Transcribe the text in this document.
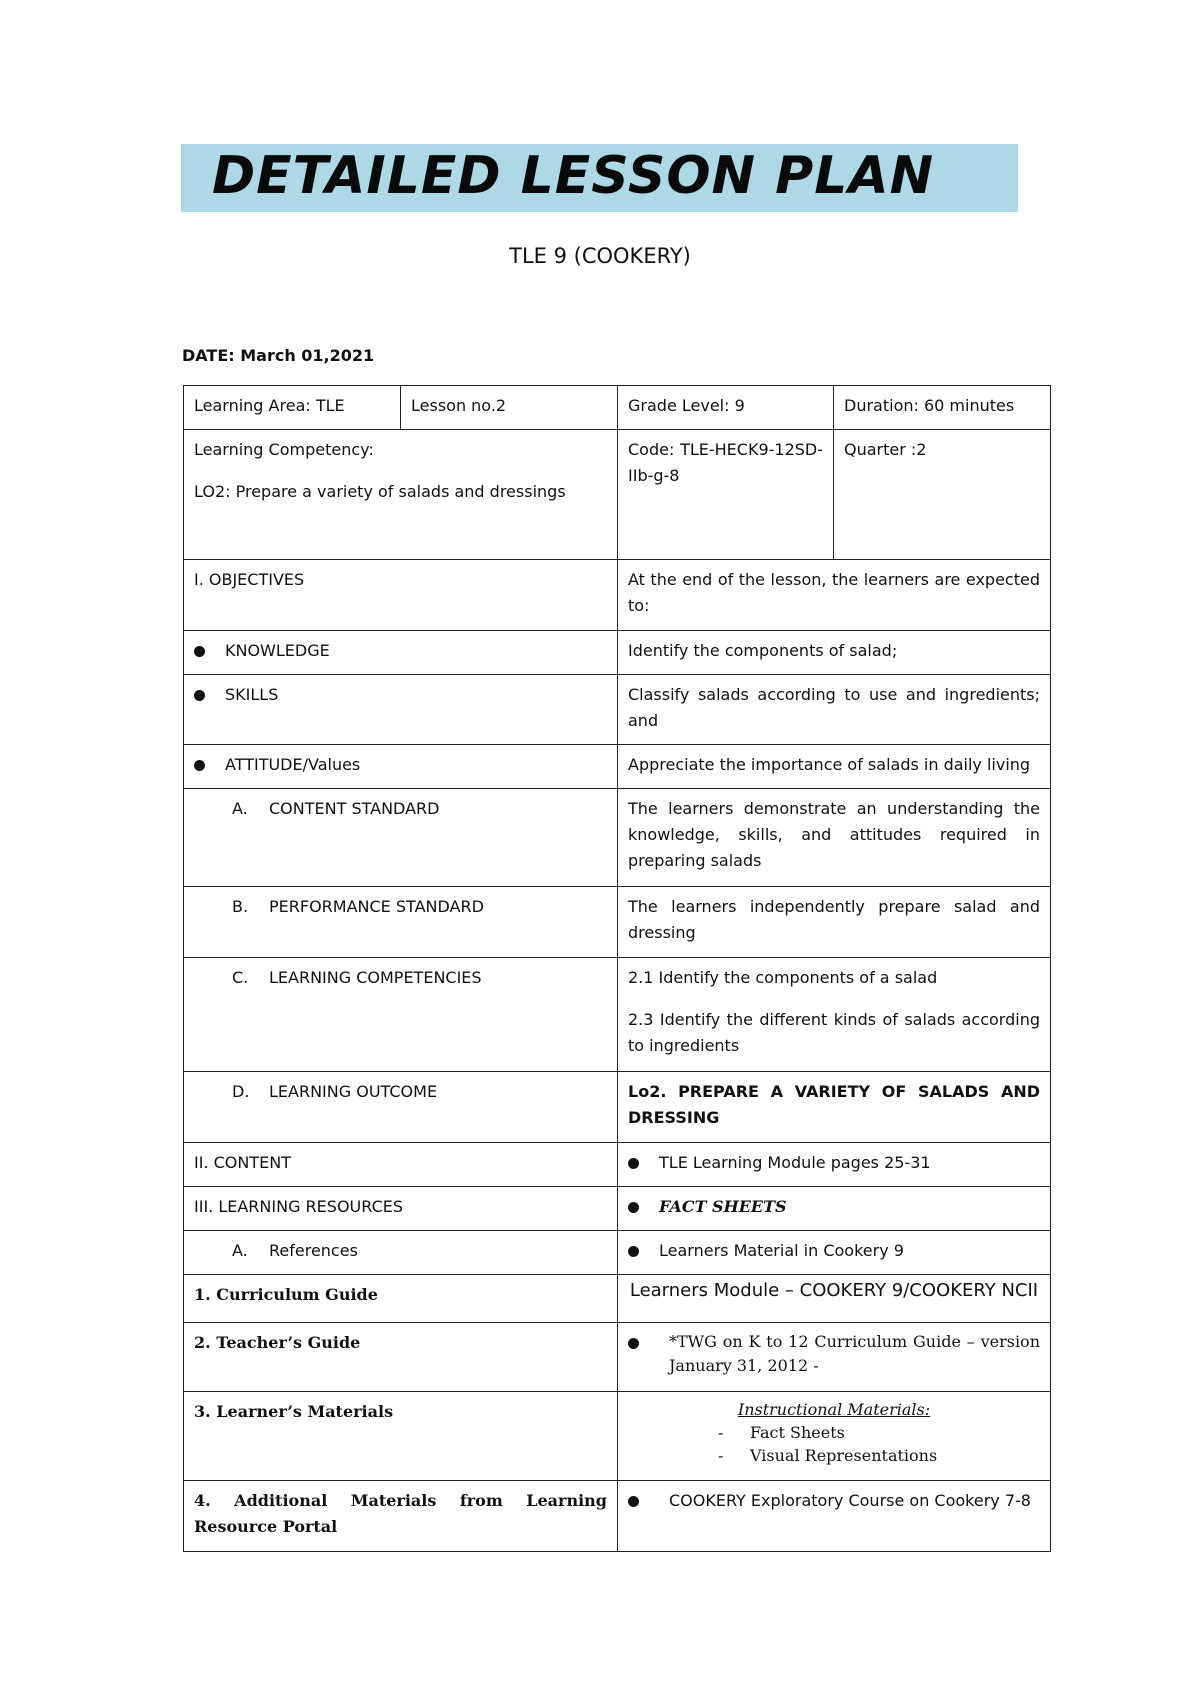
DETAILED LESSON PLAN
TLE 9 (COOKERY)
DATE: March 01,2021
Learning Area: TLE	Lesson no.2	Grade Level: 9	Duration: 60 minutes

Learning Competency:
LO2: Prepare a variety of salads and dressings		Code: TLE-HECK9-12SD-IIb-g-8	Quarter :2
I. OBJECTIVES		At the end of the lesson, the learners are expected to:	
KNOWLEDGE		Identify the components of salad;	
SKILLS		Classify salads according to use and ingredients; and	
ATTITUDE/Values		Appreciate the importance of salads in daily living	
A. CONTENT STANDARD		The learners demonstrate an understanding the knowledge, skills, and attitudes required in preparing salads	
B. PERFORMANCE STANDARD		The learners independently prepare salad and dressing	
C. LEARNING COMPETENCIES		2.1 Identify the components of a salad
2.3 Identify the different kinds of salads according to ingredients	

D. LEARNING OUTCOME		Lo2. PREPARE A VARIETY OF SALADS AND DRESSING	
II. CONTENT		TLE Learning Module pages 25-31	
III. LEARNING RESOURCES		FACT SHEETS	
A. References		Learners Material in Cookery 9	
1. Curriculum Guide		Learners Module – COOKERY 9/COOKERY NCII	
2. Teacher’s Guide		*TWG on K to 12 Curriculum Guide – version January 31, 2012 -	

3. Learner’s Materials		Instructional Materials:
- Fact Sheets
- Visual Representations	

4. Additional Materials from Learning Resource Portal		COOKERY Exploratory Course on Cookery 7-8	
